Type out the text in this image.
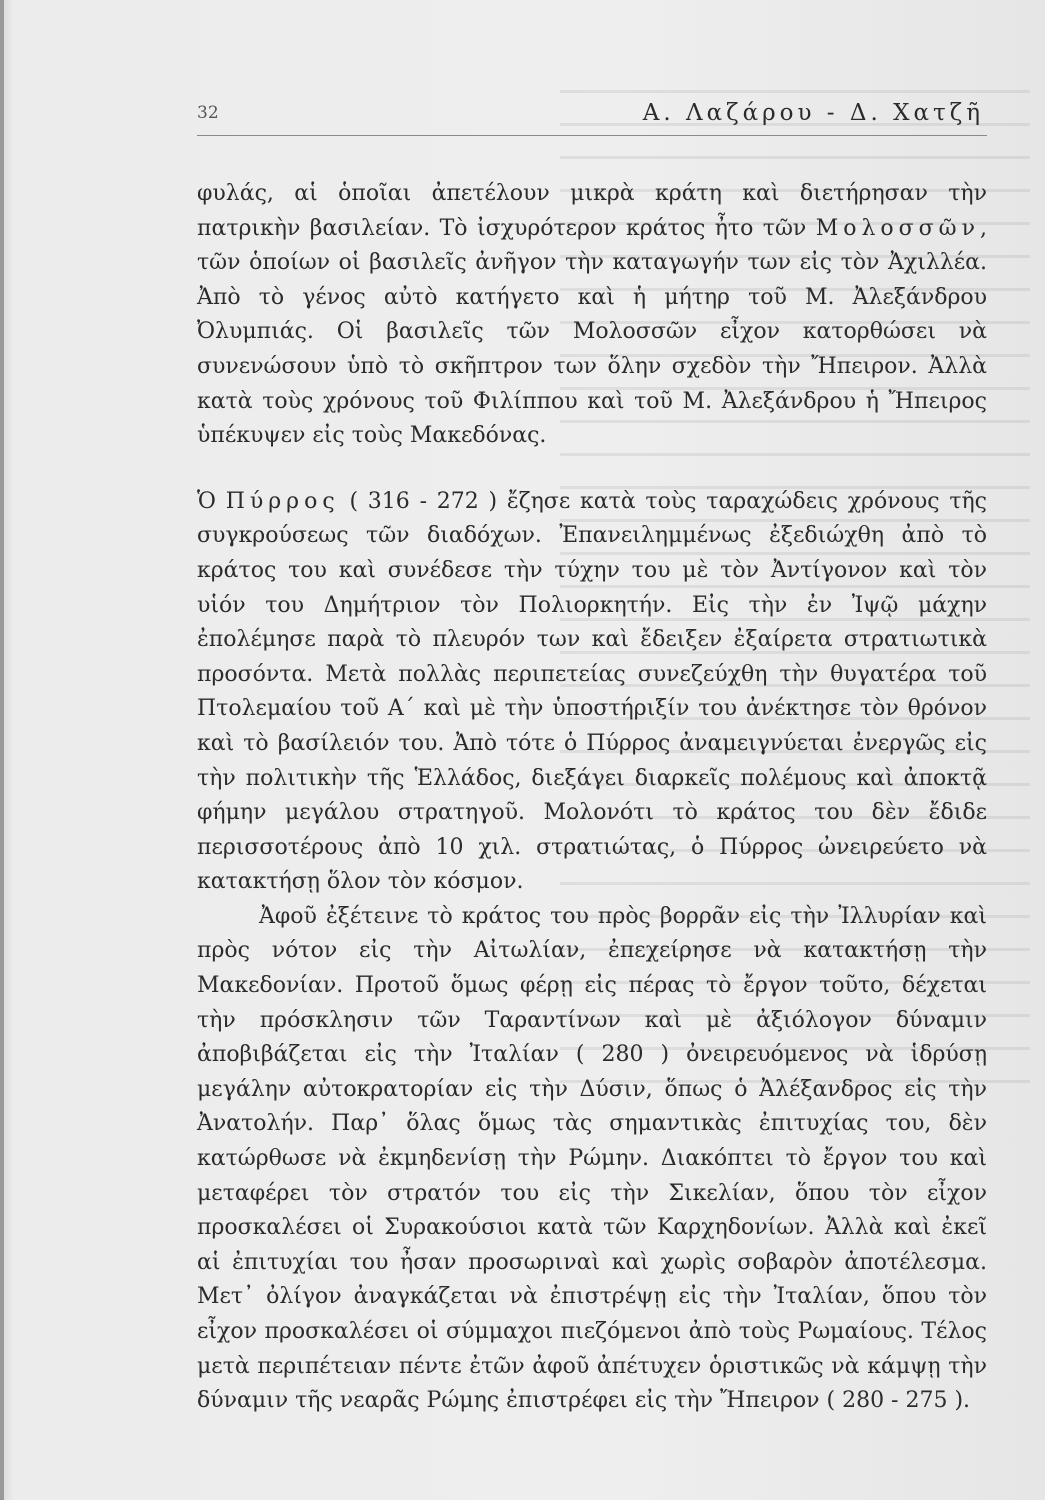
32	Α. Λαζάρου - Δ. Χατζῆ

φυλάς, αἱ ὁποῖαι ἀπετέλουν μικρὰ κράτη καὶ διετήρησαν τὴν πατρικὴν βασιλείαν. Τὸ ἰσχυρότερον κράτος ἦτο τῶν Μολοσσῶν, τῶν ὁποίων οἱ βασιλεῖς ἀνῆγον τὴν καταγωγήν των εἰς τὸν Ἀχιλλέα. Ἀπὸ τὸ γένος αὐτὸ κατήγετο καὶ ἡ μήτηρ τοῦ Μ. Ἀλεξάνδρου Ὀλυμπιάς. Οἱ βασιλεῖς τῶν Μολοσσῶν εἶχον κατορθώσει νὰ συνενώσουν ὑπὸ τὸ σκῆπτρον των ὅλην σχεδὸν τὴν Ἤπειρον. Ἀλλὰ κατὰ τοὺς χρόνους τοῦ Φιλίππου καὶ τοῦ Μ. Ἀλεξάνδρου ἡ Ἤπειρος ὑπέκυψεν εἰς τοὺς Μακεδόνας.

Ὁ Πύρρος ( 316 - 272 ) ἔζησε κατὰ τοὺς ταραχώδεις χρόνους τῆς συγκρούσεως τῶν διαδόχων. Ἐπανειλημμένως ἐξεδιώχθη ἀπὸ τὸ κράτος του καὶ συνέδεσε τὴν τύχην του μὲ τὸν Ἀντίγονον καὶ τὸν υἱόν του Δημήτριον τὸν Πολιορκητήν. Εἰς τὴν ἐν Ἰψῷ μάχην ἐπολέμησε παρὰ τὸ πλευρόν των καὶ ἔδειξεν ἐξαίρετα στρατιωτικὰ προσόντα. Μετὰ πολλὰς περιπετείας συνεζεύχθη τὴν θυγατέρα τοῦ Πτολεμαίου τοῦ Α΄ καὶ μὲ τὴν ὑποστήριξίν του ἀνέκτησε τὸν θρόνον καὶ τὸ βασίλειόν του. Ἀπὸ τότε ὁ Πύρρος ἀναμειγνύεται ἐνεργῶς εἰς τὴν πολιτικὴν τῆς Ἑλλάδος, διεξάγει διαρκεῖς πολέμους καὶ ἀποκτᾷ φήμην μεγάλου στρατηγοῦ. Μολονότι τὸ κράτος του δὲν ἔδιδε περισσοτέρους ἀπὸ 10 χιλ. στρατιώτας, ὁ Πύρρος ὠνειρεύετο νὰ κατακτήσῃ ὅλον τὸν κόσμον.

Ἀφοῦ ἐξέτεινε τὸ κράτος του πρὸς βορρᾶν εἰς τὴν Ἰλλυρίαν καὶ πρὸς νότον εἰς τὴν Αἰτωλίαν, ἐπεχείρησε νὰ κατακτήσῃ τὴν Μακεδονίαν. Προτοῦ ὅμως φέρῃ εἰς πέρας τὸ ἔργον τοῦτο, δέχεται τὴν πρόσκλησιν τῶν Ταραντίνων καὶ μὲ ἀξιόλογον δύναμιν ἀποβιβάζεται εἰς τὴν Ἰταλίαν ( 280 ) ὀνειρευόμενος νὰ ἱδρύσῃ μεγάλην αὐτοκρατορίαν εἰς τὴν Δύσιν, ὅπως ὁ Ἀλέξανδρος εἰς τὴν Ἀνατολήν. Παρ᾽ ὅλας ὅμως τὰς σημαντικὰς ἐπιτυχίας του, δὲν κατώρθωσε νὰ ἐκμηδενίσῃ τὴν Ρώμην. Διακόπτει τὸ ἔργον του καὶ μεταφέρει τὸν στρατόν του εἰς τὴν Σικελίαν, ὅπου τὸν εἶχον προσκαλέσει οἱ Συρακούσιοι κατὰ τῶν Καρχηδονίων. Ἀλλὰ καὶ ἐκεῖ αἱ ἐπιτυχίαι του ἦσαν προσωριναὶ καὶ χωρὶς σοβαρὸν ἀποτέλεσμα. Μετ᾽ ὀλίγον ἀναγκάζεται νὰ ἐπιστρέψῃ εἰς τὴν Ἰταλίαν, ὅπου τὸν εἶχον προσκαλέσει οἱ σύμμαχοι πιεζόμενοι ἀπὸ τοὺς Ρωμαίους. Τέλος μετὰ περιπέτειαν πέντε ἐτῶν ἀφοῦ ἀπέτυχεν ὁριστικῶς νὰ κάμψῃ τὴν δύναμιν τῆς νεαρᾶς Ρώμης ἐπιστρέφει εἰς τὴν Ἤπειρον ( 280 - 275 ).
